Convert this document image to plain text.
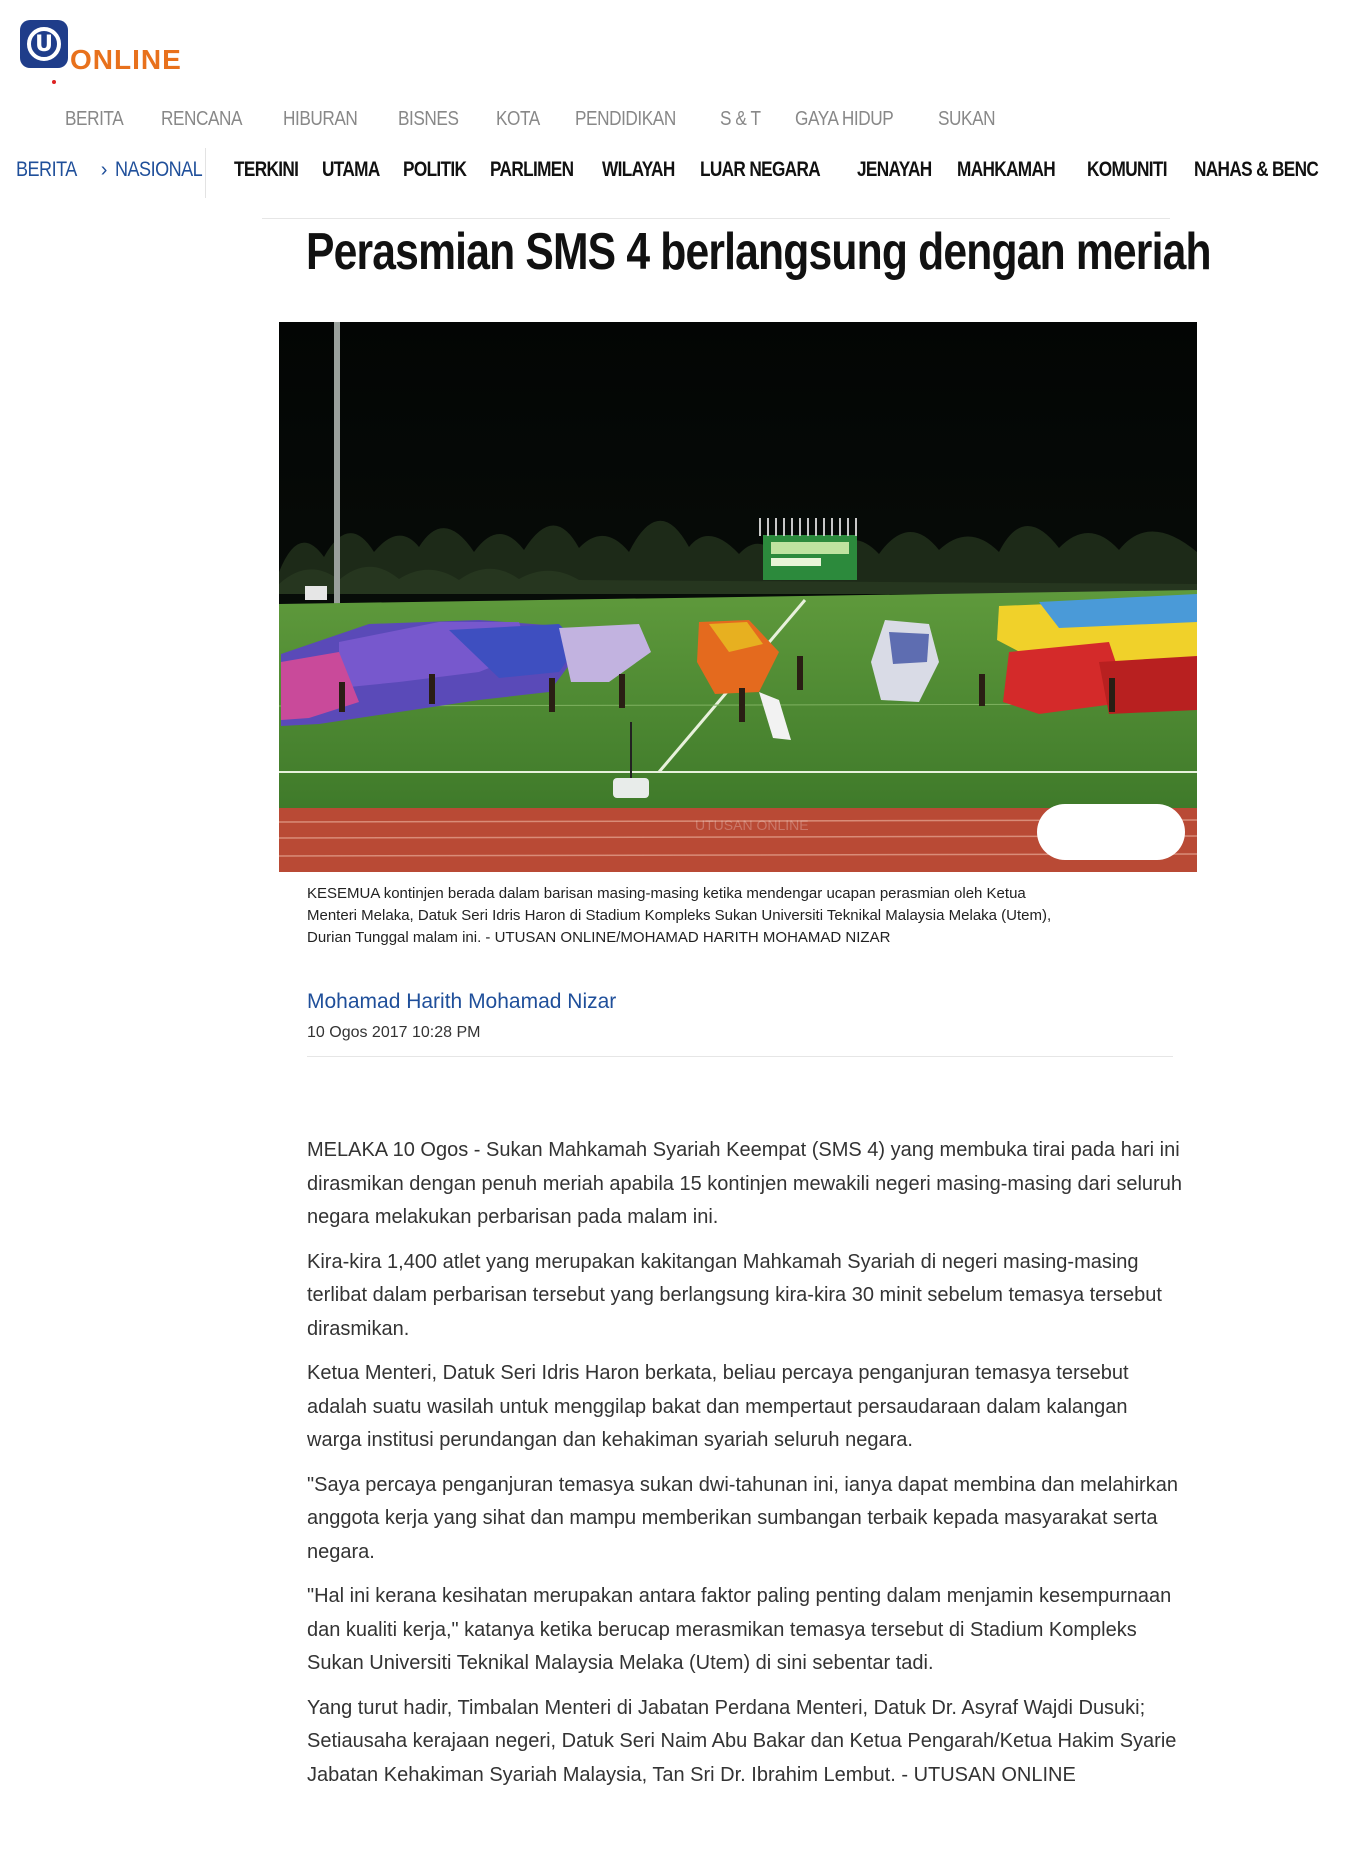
U ONLINE
BERITA RENCANA HIBURAN BISNES KOTA PENDIDIKAN S & T GAYA HIDUP SUKAN
BERITA › NASIONAL TERKINI UTAMA POLITIK PARLIMEN WILAYAH LUAR NEGARA JENAYAH MAHKAMAH KOMUNITI NAHAS & BENC
Perasmian SMS 4 berlangsung dengan meriah
UTUSAN ONLINE
KESEMUA kontinjen berada dalam barisan masing-masing ketika mendengar ucapan perasmian oleh Ketua Menteri Melaka, Datuk Seri Idris Haron di Stadium Kompleks Sukan Universiti Teknikal Malaysia Melaka (Utem), Durian Tunggal malam ini. - UTUSAN ONLINE/MOHAMAD HARITH MOHAMAD NIZAR
Mohamad Harith Mohamad Nizar
10 Ogos 2017 10:28 PM

MELAKA 10 Ogos - Sukan Mahkamah Syariah Keempat (SMS 4) yang membuka tirai pada hari ini dirasmikan dengan penuh meriah apabila 15 kontinjen mewakili negeri masing-masing dari seluruh negara melakukan perbarisan pada malam ini.

Kira-kira 1,400 atlet yang merupakan kakitangan Mahkamah Syariah di negeri masing-masing terlibat dalam perbarisan tersebut yang berlangsung kira-kira 30 minit sebelum temasya tersebut dirasmikan.

Ketua Menteri, Datuk Seri Idris Haron berkata, beliau percaya penganjuran temasya tersebut adalah suatu wasilah untuk menggilap bakat dan mempertaut persaudaraan dalam kalangan warga institusi perundangan dan kehakiman syariah seluruh negara.

"Saya percaya penganjuran temasya sukan dwi-tahunan ini, ianya dapat membina dan melahirkan anggota kerja yang sihat dan mampu memberikan sumbangan terbaik kepada masyarakat serta negara.

"Hal ini kerana kesihatan merupakan antara faktor paling penting dalam menjamin kesempurnaan dan kualiti kerja," katanya ketika berucap merasmikan temasya tersebut di Stadium Kompleks Sukan Universiti Teknikal Malaysia Melaka (Utem) di sini sebentar tadi.

Yang turut hadir, Timbalan Menteri di Jabatan Perdana Menteri, Datuk Dr. Asyraf Wajdi Dusuki; Setiausaha kerajaan negeri, Datuk Seri Naim Abu Bakar dan Ketua Pengarah/Ketua Hakim Syarie Jabatan Kehakiman Syariah Malaysia, Tan Sri Dr. Ibrahim Lembut. - UTUSAN ONLINE
